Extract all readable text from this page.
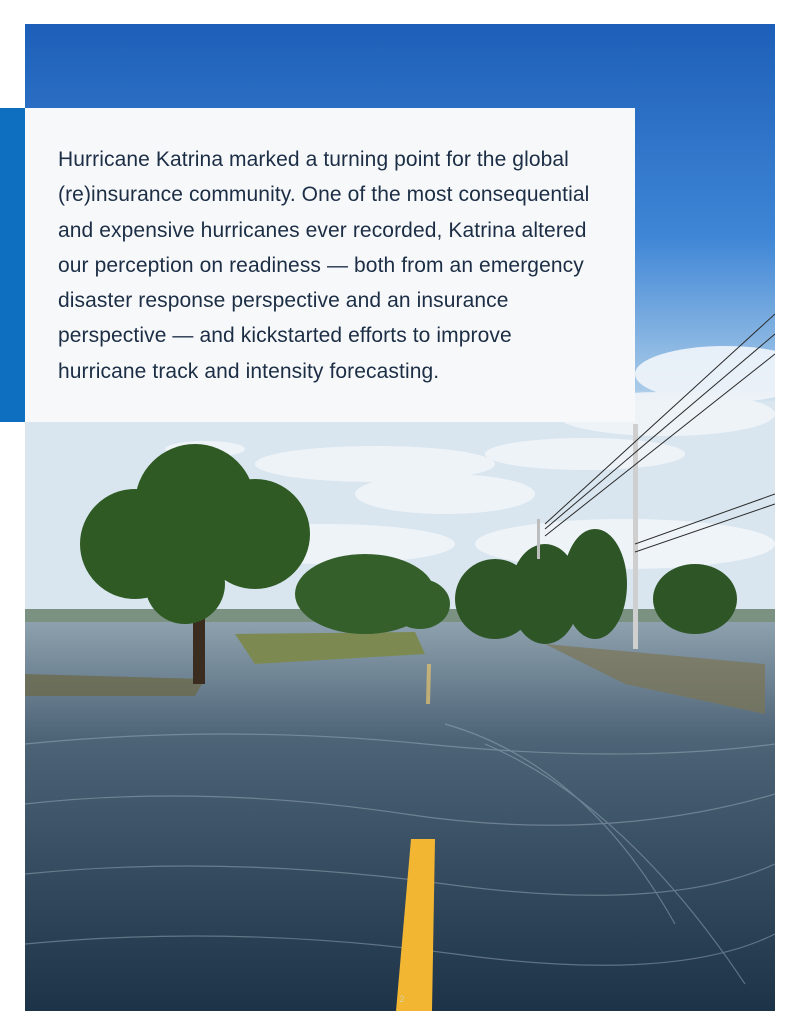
Hurricane Katrina marked a turning point for the global (re)insurance community. One of the most consequential and expensive hurricanes ever recorded, Katrina altered our perception on readiness — both from an emergency disaster response perspective and an insurance perspective — and kickstarted efforts to improve hurricane track and intensity forecasting.

2
